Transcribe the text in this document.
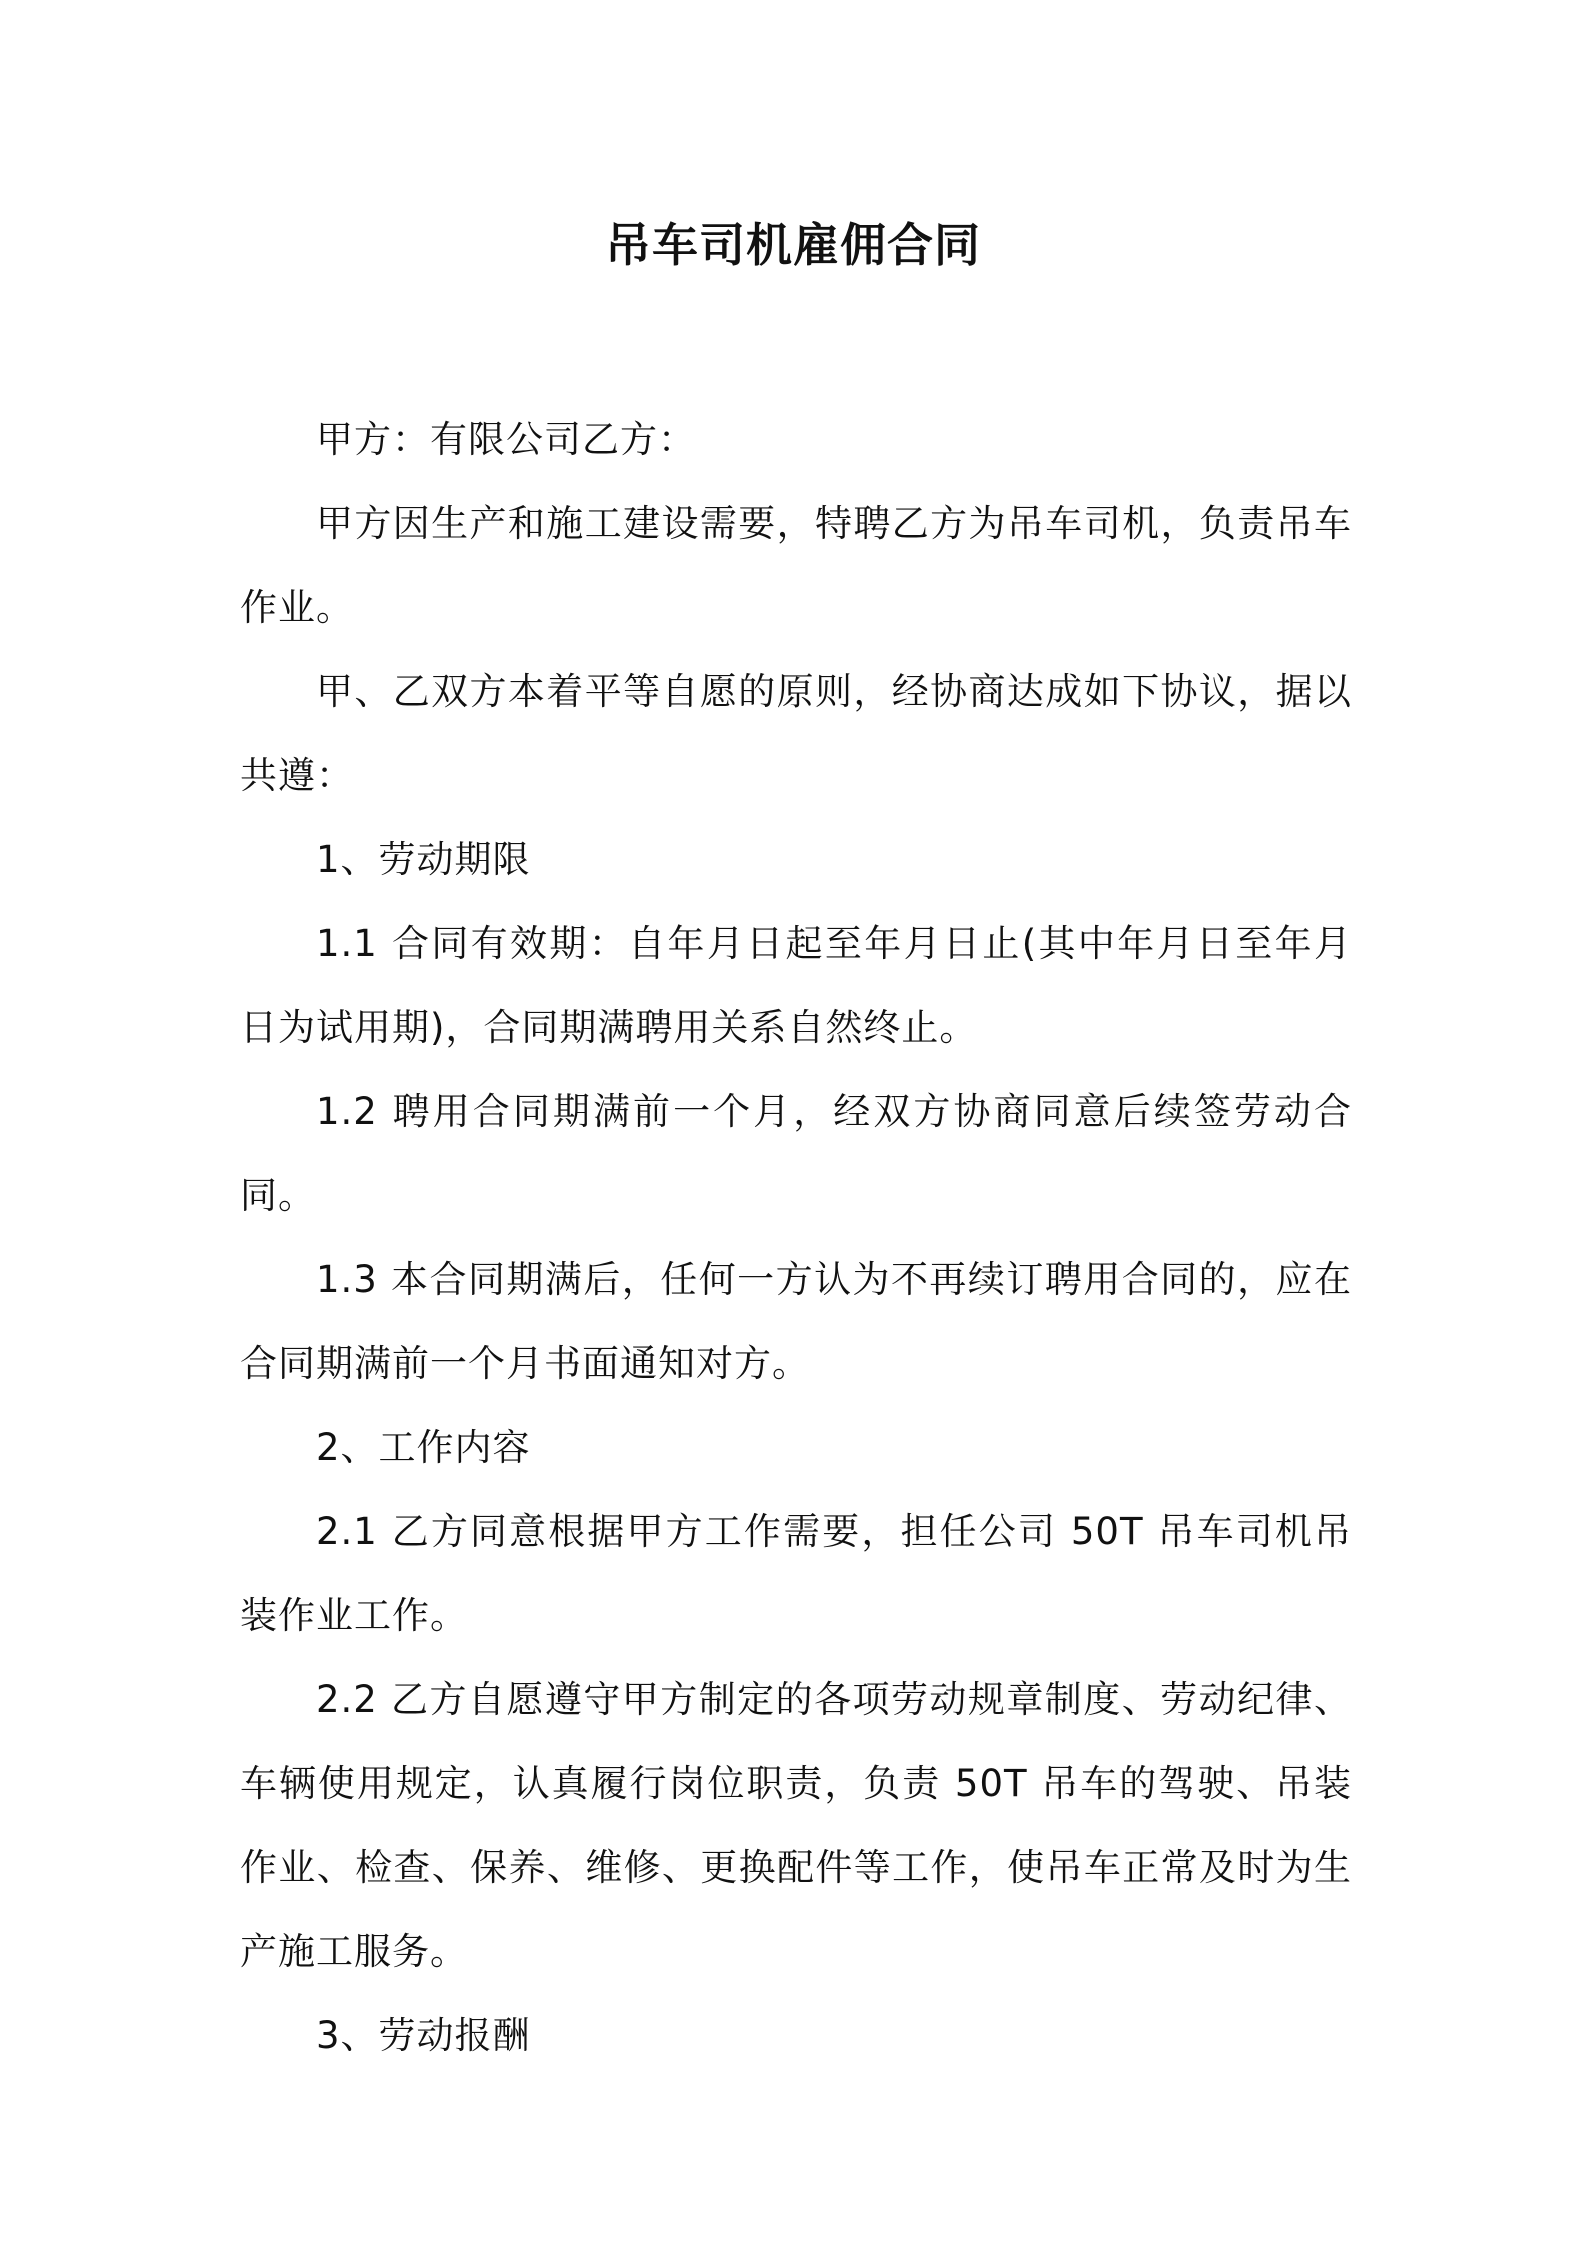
吊车司机雇佣合同

甲方：有限公司乙方：

甲方因生产和施工建设需要，特聘乙方为吊车司机，负责吊车作业。

甲、乙双方本着平等自愿的原则，经协商达成如下协议，据以共遵：

1、劳动期限

1.1 合同有效期：自年月日起至年月日止(其中年月日至年月日为试用期)，合同期满聘用关系自然终止。

1.2 聘用合同期满前一个月，经双方协商同意后续签劳动合同。

1.3 本合同期满后，任何一方认为不再续订聘用合同的，应在合同期满前一个月书面通知对方。

2、工作内容

2.1 乙方同意根据甲方工作需要，担任公司 50T 吊车司机吊装作业工作。

2.2 乙方自愿遵守甲方制定的各项劳动规章制度、劳动纪律、车辆使用规定，认真履行岗位职责，负责 50T 吊车的驾驶、吊装作业、检查、保养、维修、更换配件等工作，使吊车正常及时为生产施工服务。

3、劳动报酬
